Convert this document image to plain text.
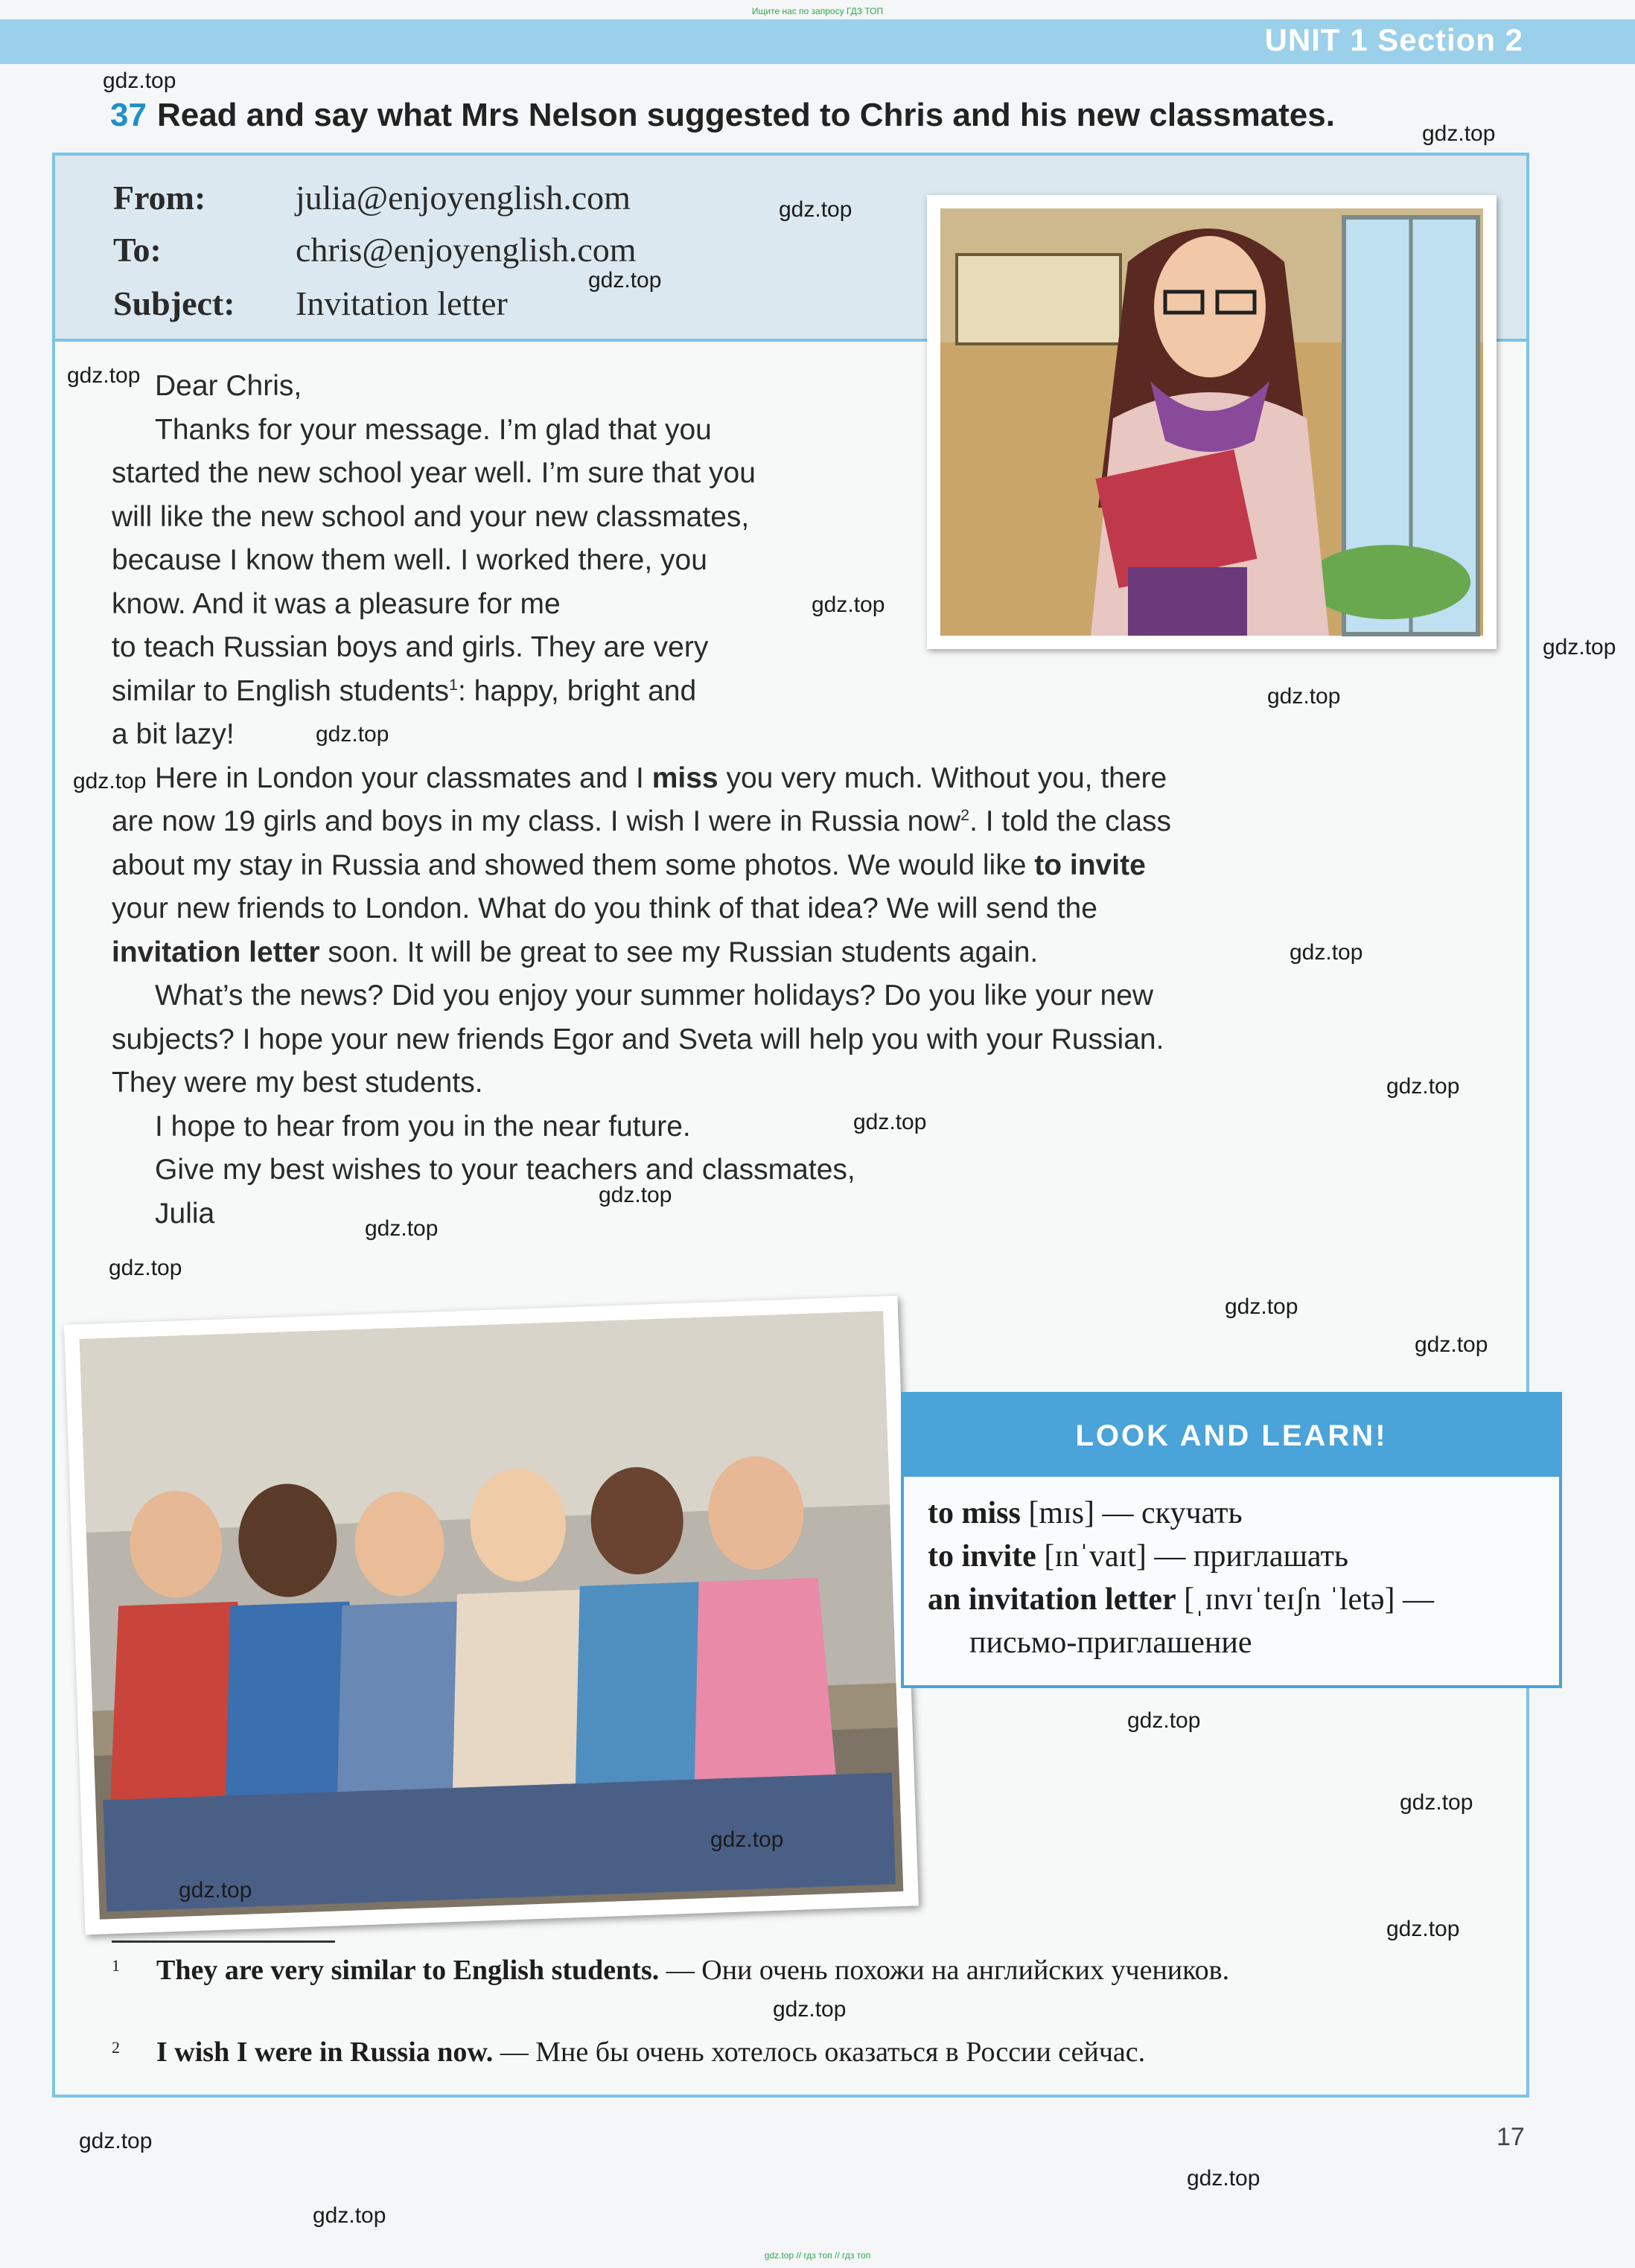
Ищите нас по запросу ГДЗ ТОП
UNIT 1 Section 2
37 Read and say what Mrs Nelson suggested to Chris and his new classmates.
From:	julia@enjoyenglish.com
To:	chris@enjoyenglish.com
Subject: Invitation letter

Dear Chris,

Thanks for your message. I’m glad that you

started the new school year well. I’m sure that you

will like the new school and your new classmates,

because I know them well. I worked there, you

know. And it was a pleasure for me

to teach Russian boys and girls. They are very

similar to English students$^1$: happy, bright and

a bit lazy!

Here in London your classmates and I miss you very much. Without you, there

are now 19 girls and boys in my class. I wish I were in Russia now$^2$. I told the class

about my stay in Russia and showed them some photos. We would like to invite

your new friends to London. What do you think of that idea? We will send the

invitation letter soon. It will be great to see my Russian students again.

What’s the news? Did you enjoy your summer holidays? Do you like your new

subjects? I hope your new friends Egor and Sveta will help you with your Russian.

They were my best students.

I hope to hear from you in the near future.

Give my best wishes to your teachers and classmates,

Julia

LOOK AND LEARN!
to miss [mɪs] — скучать
to invite [ɪnˈvaɪt] — приглашать
an invitation letter [ˌɪnvɪˈteɪʃn ˈletə] —
письмо-приглашение
1	They are very similar to English students. — Они очень похожи на английских учеников.
2	I wish I were in Russia now. — Мне бы очень хотелось оказаться в России сейчас.
17
gdz.top
gdz.top
gdz.top
gdz.top
gdz.top
gdz.top
gdz.top
gdz.top
gdz.top
gdz.top
gdz.top
gdz.top
gdz.top
gdz.top
gdz.top
gdz.top
gdz.top
gdz.top
gdz.top
gdz.top
gdz.top
gdz.top
gdz.top
gdz.top
gdz.top
gdz.top
gdz.top
gdz.top // гдз топ // гдз топ
